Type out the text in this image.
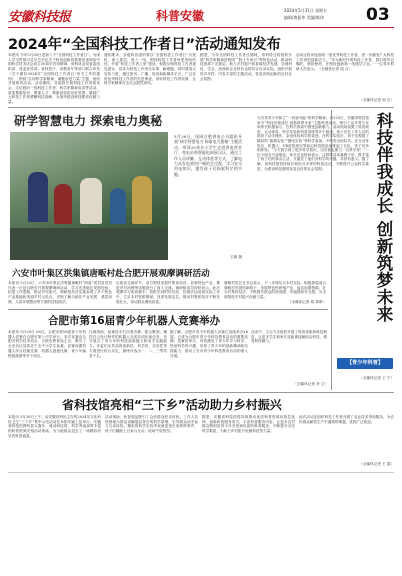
安徽科技报	科普安徽	2024年5月31日 星期五
编辑/唐振华 美编/陈伟 03
2024年“全国科技工作者日”活动通知发布
本报讯 今年5月30日是第八个“全国科技工作者日”。为深入学习贯彻习近平总书记关于科技创新的重要论述和致中国科学技术协会成立50周年贺信精神，省科协会同省委组织部、省委宣传部、省科技厅、省教育厅等部门联合印发《关于做好2024年“全国科技工作者日”有关工作的通知》，围绕“弘扬科学家精神，凝聚奋进力量”主题，组织开展系列活动。活动期间，各地将开展科技工作者座谈会、走访慰问一线科技工作者、科学家精神宣讲等活动，营造尊重知识、尊重人才、尊重创造的良好氛围，激励广大科技工作者勇攀科技高峰，为加快建设科技强省贡献力量。
通知要求，各级科协组织要以“全国科技工作者日”为契机，深入基层、深入一线，围绕科技工作者所思所盼所忧，开展“科技工作者之家”建设，积极反映科技工作者意见建议，切实为科技工作者办实事、解难题。同时要加大宣传力度，通过报刊、广播、电视和新媒体平台，广泛宣传优秀科技工作者的先进事迹，讲好科技工作者故事，让科学家精神在全社会蔚然成风。
据悉，今年全国科技工作者日期间，省科协还将组织开展“科学家精神进校园”“院士专家行”等特色活动，推动科技资源下沉基层，助力乡村振兴和县域经济发展。各地科协、学会、高校和企业科协也将结合自身实际，组织开展形式多样、内容丰富的主题活动，营造崇尚创新的良好社会氛围。
活动还将评选表彰一批优秀科技工作者，进一步激发广大科技工作者的创新活力。“作为新时代的科技工作者，我们将牢记嘱托，勇担使命，在科技创新第一线建功立业。”一位青年科研人员表示。（全媒体记者 周 吉）
（全媒体记者 周 吉）
研学智慧电力 探索电力奥秘
5月26日，国网合肥供电公司组织开展“研学智慧电力 探索电力奥秘”主题活动，带领20余名小学生走进供电营业厅、变电站和智能电网展示区，通过工作人员讲解、互动体验等方式，了解电力从发电到用户端的全过程，学习安全用电知识，激发孩子们探索科学的兴趣。
王颖 摄
六安市叶集区洪集镇唐畈村赴合肥开展观摩调研活动
本报讯 5月23日，六安市叶集区洪集镇唐畈村“两委”成员及党员代表一行赴合肥市开展观摩调研活动，学习先进地区发展经验，拓宽工作思路，推动乡村振兴。调研组先后实地参观了多个特色产业基地和美丽乡村示范点，详细了解当地在产业发展、基层治理、人居环境整治等方面的经验做法。
在座谈交流环节，双方围绕发展村集体经济、培育特色产业、推进乡村治理等话题进行了深入交流。调研组成员纷纷表示，此次观摩学习收获颇丰，将把学到的好经验、好做法运用到实际工作中，立足本村资源禀赋，找准发展定位，推动村集体经济不断发展壮大，带动群众增收致富。
唐畈村党总支书记表示，下一步将结合本村实际，积极探索适合唐畈村发展的新路子，发展特色种养殖产业，盘活闲置资源，壮大村集体经济，不断提升群众的获得感、幸福感和安全感，为全面推进乡村振兴贡献力量。
（全媒体记者 胡 翠翠）
合肥市第16届青少年机器人竞赛举办
本报讯 5月25日-26日，合肥市第16届青少年机器人竞赛在合肥市第八中学举行。本次竞赛由合肥市科学技术协会、合肥市教育局主办，吸引了全市各区县的近千名中小学生参赛。竞赛设置机器人综合技能比赛、机器人创意比赛、青少年编程挑战赛等多个项目。
比赛现场，参赛选手们沉着冷静、配合默契，操控自己设计制作的机器人完成各项比赛任务，充分展示了青少年的科技创新能力和动手实践能力。评委们从作品的创新性、科学性、实用性等方面进行综合评定，最终评选出一、二、三等奖若干名。
据了解，合肥市青少年机器人竞赛已连续举办16届，已成为合肥市青少年科技教育活动的重要品牌。竞赛的举办，有效激发了青少年学习科学、热爱科学的兴趣，培养了青少年的创新精神和实践能力，推动了全市青少年科技教育活动的深入开展。
活动中，主办方还组织开展了科普讲座和科技展览，让更多学生和家长近距离接触前沿科技，感受科技魅力。
（全媒体记者 李 文）
为引导青少年树立“一切皆可能”的科学精神，5月25日，安徽省科技馆举办“科技伴我成长 创新筑梦未来”主题科普活动，吸引了众多青少年和家长积极参与，在科学探索中感受创新魅力。活动现场设置了科普展览、互动体验、科学实验和科普讲座等多个板块。孩子们在工作人员的指导下动手操作，亲身体验科学的奇妙。在科学实验区，孩子们观看了精彩的“液氮实验”“静电实验”等科学表演，不时发出惊叹声。在互动体验区，机器人、VR虚拟现实等前沿科技展品前排起了长队，孩子们争相体验。“今天我学到了很多科学知识，以后我也要当一名科学家！”一位小朋友兴奋地说。家长们也纷纷表示，这样的活动寓教于乐，既丰富了孩子们的课余生活，又激发了他们对科学的兴趣，非常有意义。据了解，省科技馆将持续开展形式多样的科普活动，不断提升公众科学素质，为建设科技强省营造良好的社会氛围。	科技伴我成长 创新筑梦未来
【青少年科普】
（全媒体记者 王 宁）
省科技馆亮相“三下乡”活动助力乡村振兴
本报讯 5月28日上午，由安徽省科协主办的2024年文化科技卫生“三下乡”集中示范活动在阜阳市颍上县举行。安徽省科技馆携科普大篷车、流动科技馆、科学秀表演等丰富的科普资源亮相活动现场，为当地群众送去了一场精彩纷呈的科普盛宴。
活动现场，科普展品吸引了众多群众驻足体验。工作人员热情地为群众讲解展品背后的科学原理，引导群众动手参与互动体验。精彩的科学实验秀表演更是引来阵阵掌声，孩子们踊跃上台参与互动，现场气氛热烈。
据悉，安徽省科技馆将持续推动优质科普资源向基层延伸，创新科普服务形式，丰富科普服务内容，让更多农村群众特别是青少年享受到优质的科普服务，不断提升全民科学素质，为助力乡村振兴贡献科技馆力量。
此次活动还组织科技工作者开展了农业技术咨询服务，为农民群众解答生产中遇到的难题，受到广泛欢迎。
（全媒体记者 王 震）
